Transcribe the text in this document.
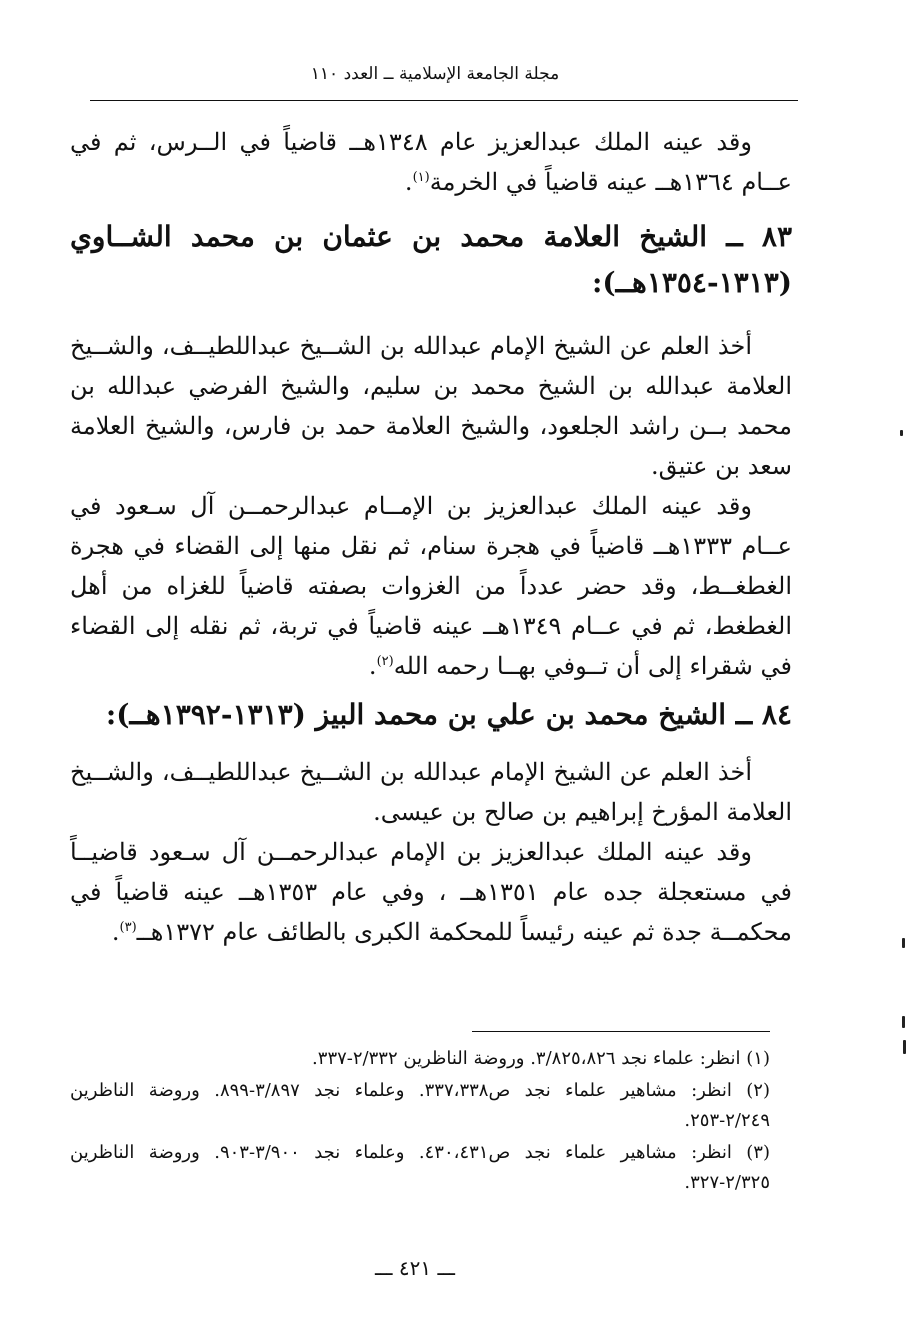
مجلة الجامعة الإسلامية ــ العدد ١١٠

وقد عينه الملك عبدالعزيز عام ١٣٤٨هــ قاضياً في الــرس، ثم في عــام ١٣٦٤هــ عينه قاضياً في الخرمة$^{(١)}$.

٨٣ ــ الشيخ العلامة محمد بن عثمان بن محمد الشــاوي (١٣١٣-١٣٥٤هــ):

أخذ العلم عن الشيخ الإمام عبدالله بن الشــيخ عبداللطيــف، والشــيخ العلامة عبدالله بن الشيخ محمد بن سليم، والشيخ الفرضي عبدالله بن محمد بــن راشد الجلعود، والشيخ العلامة حمد بن فارس، والشيخ العلامة سعد بن عتيق.

وقد عينه الملك عبدالعزيز بن الإمــام عبدالرحمــن آل سـعود في عــام ١٣٣٣هــ قاضياً في هجرة سنام، ثم نقل منها إلى القضاء في هجرة الغطغــط، وقد حضر عدداً من الغزوات بصفته قاضياً للغزاه من أهل الغطغط، ثم في عــام ١٣٤٩هــ عينه قاضياً في تربة، ثم نقله إلى القضاء في شقراء إلى أن تــوفي بهــا رحمه الله$^{(٢)}$.

٨٤ ــ الشيخ محمد بن علي بن محمد البيز (١٣١٣-١٣٩٢هــ):

أخذ العلم عن الشيخ الإمام عبدالله بن الشــيخ عبداللطيــف، والشــيخ العلامة المؤرخ إبراهيم بن صالح بن عيسى.

وقد عينه الملك عبدالعزيز بن الإمام عبدالرحمــن آل سـعود قاضيــاً في مستعجلة جده عام ١٣٥١هــ ، وفي عام ١٣٥٣هــ عينه قاضياً في محكمــة جدة ثم عينه رئيساً للمحكمة الكبرى بالطائف عام ١٣٧٢هــ$^{(٣)}$.

(١) انظر: علماء نجد ٣/٨٢٥،٨٢٦. وروضة الناظرين ٢/٣٣٢-٣٣٧.

(٢) انظر: مشاهير علماء نجد ص٣٣٧،٣٣٨. وعلماء نجد ٣/٨٩٧-٨٩٩. وروضة الناظرين ٢/٢٤٩-٢٥٣.

(٣) انظر: مشاهير علماء نجد ص٤٣٠،٤٣١. وعلماء نجد ٣/٩٠٠-٩٠٣. وروضة الناظرين ٢/٣٢٥-٣٢٧.

ـــ ٤٢١ ـــ
